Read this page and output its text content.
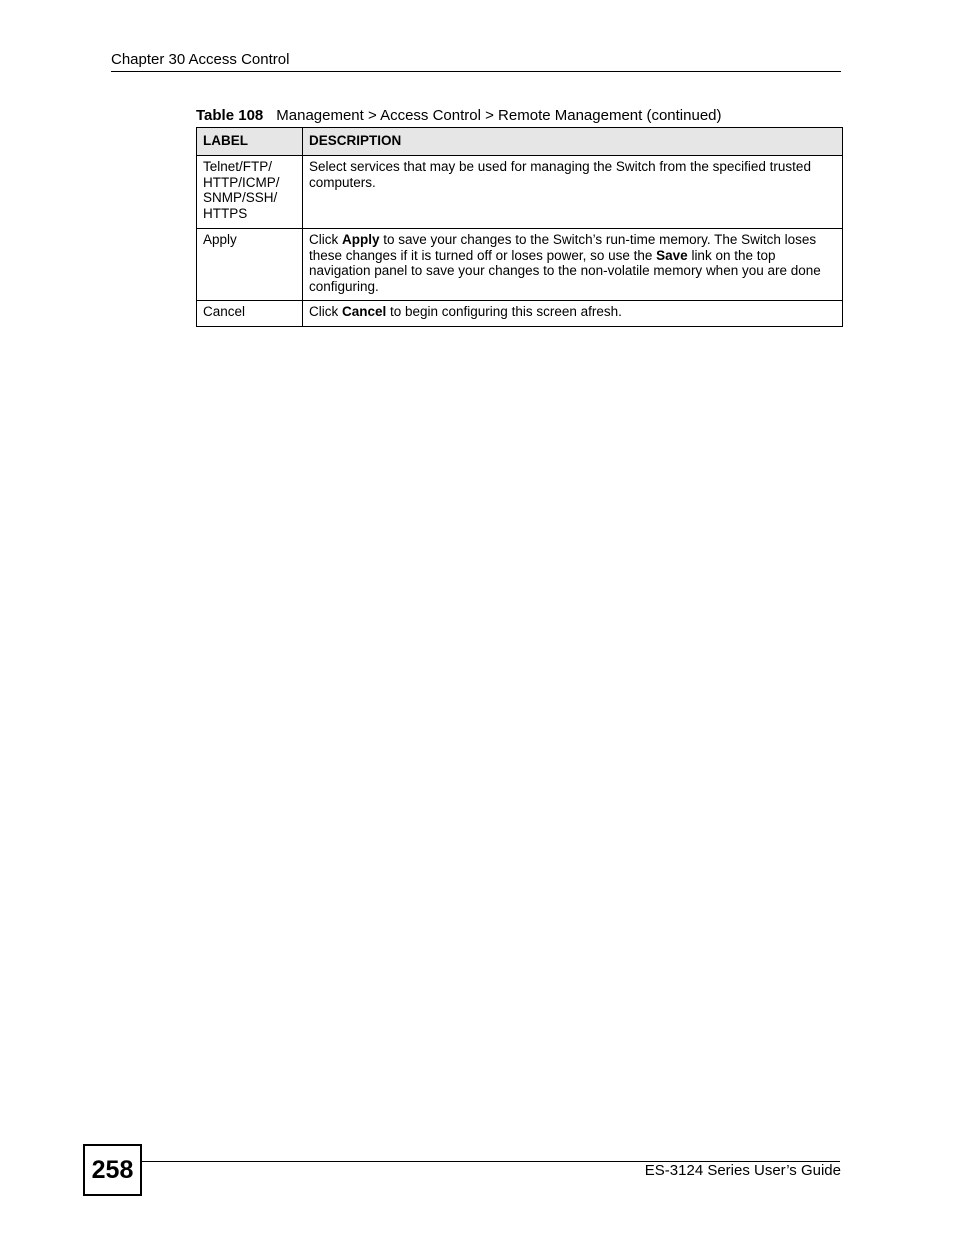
Chapter 30 Access Control
Table 108 Management > Access Control > Remote Management (continued)
LABEL	DESCRIPTION

Telnet/FTP/
HTTP/ICMP/
SNMP/SSH/
HTTPS	Select services that may be used for managing the Switch from the specified trusted computers.
Apply	Click Apply to save your changes to the Switch’s run-time memory. The Switch loses these changes if it is turned off or loses power, so use the Save link on the top navigation panel to save your changes to the non-volatile memory when you are done configuring.
Cancel	Click Cancel to begin configuring this screen afresh.
258	ES-3124 Series User’s Guide
